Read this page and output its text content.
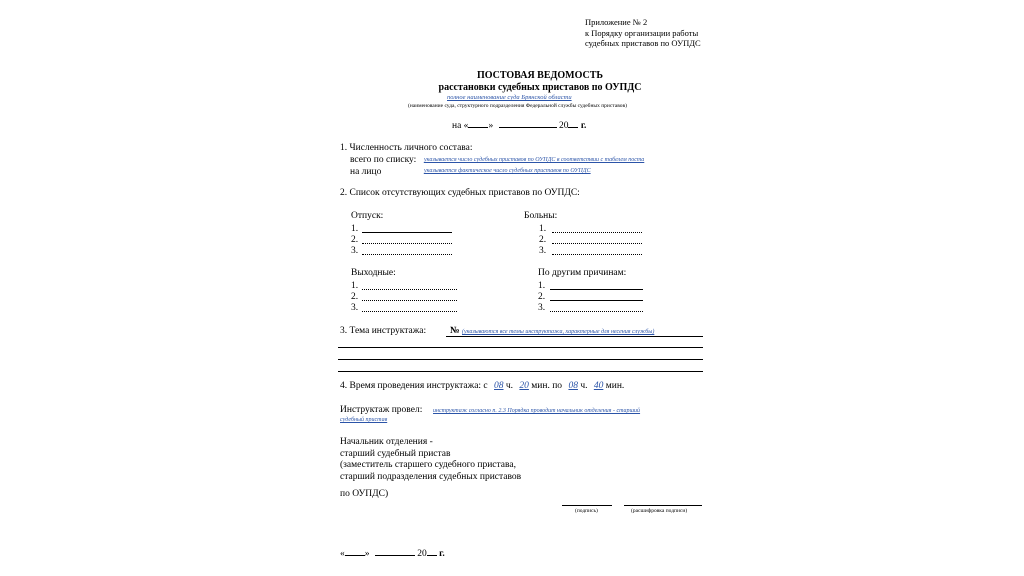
Приложение № 2
к Порядку организации работы
судебных приставов по ОУПДС
ПОСТОВАЯ ВЕДОМОСТЬ
расстановки судебных приставов по ОУПДС
полное наименование суда Брянской области
(наименование суда, структурного подразделения Федеральной службы судебных приставов)
на « »	20 г.
1. Численность личного состава:
всего по списку: указывается число судебных приставов по ОУПДС в соответствии с табелем поста
на лицо	указывается фактическое число судебных приставов по ОУПДС
2. Список отсутствующих судебных приставов по ОУПДС:
Отпуск:
1.
2.
3.
Больны:
1.
2.
3.
Выходные:
1.
2.
3.
По другим причинам:
1.
2.
3.
3. Тема инструктажа:	№ (указываются все темы инструктажа, характерные для несения службы)
4. Время проведения инструктажа: с 08 ч. 20 мин. по 08 ч. 40 мин.
Инструктаж провел: инструктаж согласно п. 2.3 Порядка проводит начальник отделения - старший
судебный пристав
Начальник отделения -
старший судебный пристав
(заместитель старшего судебного пристава,
старший подразделения судебных приставов
по ОУПДС)
(подпись)	(расшифровка подписи)
« »	20 г.
